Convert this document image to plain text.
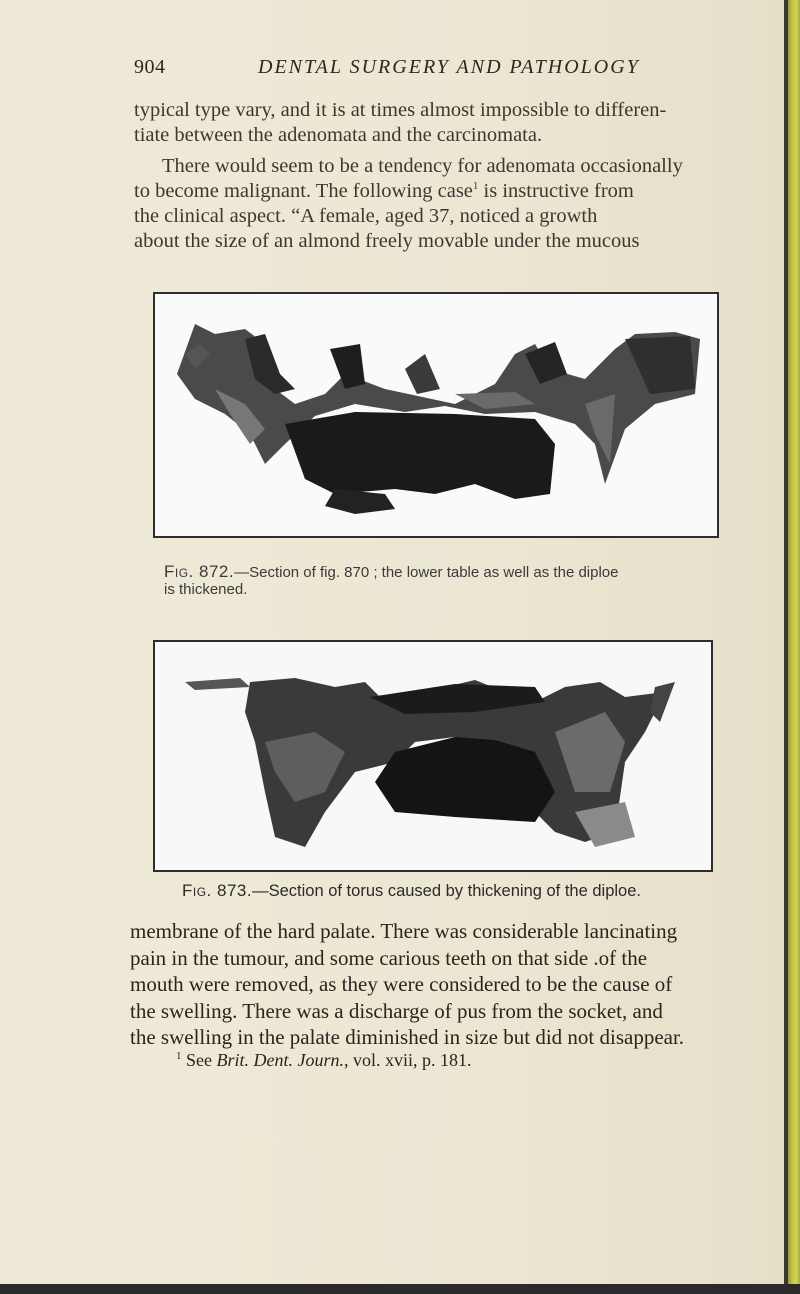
904	DENTAL SURGERY AND PATHOLOGY
typical type vary, and it is at times almost impossible to differen-
tiate between the adenomata and the carcinomata.
There would seem to be a tendency for adenomata occasionally
to become malignant. The following case$^1$ is instructive from
the clinical aspect. “A female, aged 37, noticed a growth
about the size of an almond freely movable under the mucous
Fig. 872.—Section of fig. 870 ; the lower table as well as the diploe
is thickened.
Fig. 873.—Section of torus caused by thickening of the diploe.
membrane of the hard palate. There was considerable lancinating
pain in the tumour, and some carious teeth on that side .of the
mouth were removed, as they were considered to be the cause of
the swelling. There was a discharge of pus from the socket, and
the swelling in the palate diminished in size but did not disappear.
$^1$ See Brit. Dent. Journ., vol. xvii, p. 181.
